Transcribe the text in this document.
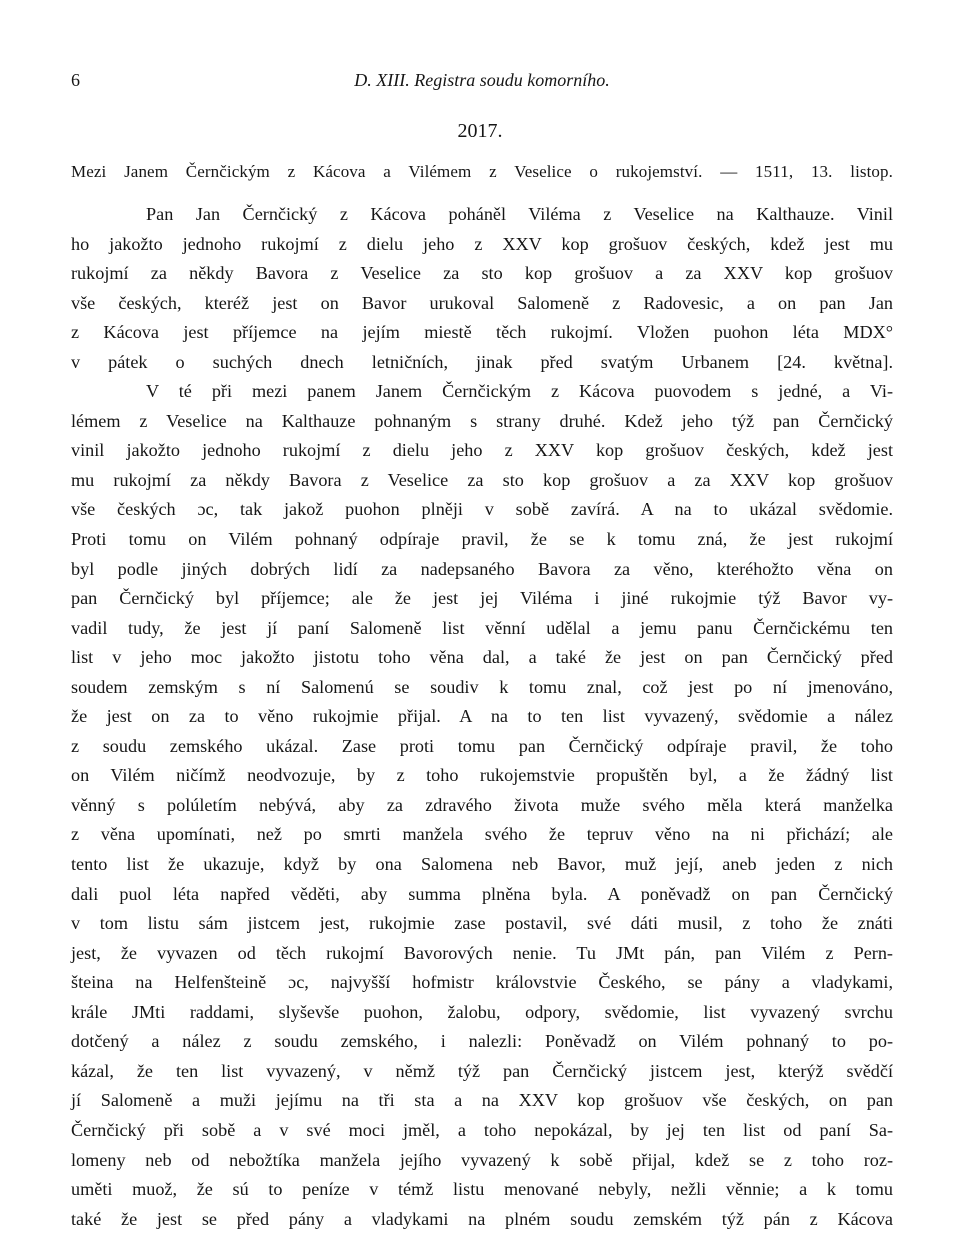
6	D. XIII. Registra soudu komorního.
2017.
Mezi Janem Černčickým z Kácova a Vilémem z Veselice o rukojemství. — 1511, 13. listop.
Pan Jan Černčický z Kácova poháněl Viléma z Veselice na Kalthauze. Vinil
ho jakožto jednoho rukojmí z dielu jeho z XXV kop grošuov českých, kdež jest mu
rukojmí za někdy Bavora z Veselice za sto kop grošuov a za XXV kop grošuov
vše českých, kteréž jest on Bavor urukoval Salomeně z Radovesic, a on pan Jan
z Kácova jest příjemce na jejím miestě těch rukojmí. Vložen puohon léta MDX°
v pátek o suchých dnech letničních, jinak před svatým Urbanem [24. května].
V té při mezi panem Janem Černčickým z Kácova puovodem s jedné, a Vi-
lémem z Veselice na Kalthauze pohnaným s strany druhé. Kdež jeho týž pan Černčický
vinil jakožto jednoho rukojmí z dielu jeho z XXV kop grošuov českých, kdež jest
mu rukojmí za někdy Bavora z Veselice za sto kop grošuov a za XXV kop grošuov
vše českých ɔc, tak jakož puohon plněji v sobě zavírá. A na to ukázal svědomie.
Proti tomu on Vilém pohnaný odpíraje pravil, že se k tomu zná, že jest rukojmí
byl podle jiných dobrých lidí za nadepsaného Bavora za věno, kteréhožto věna on
pan Černčický byl příjemce; ale že jest jej Viléma i jiné rukojmie týž Bavor vy-
vadil tudy, že jest jí paní Salomeně list věnní udělal a jemu panu Černčickému ten
list v jeho moc jakožto jistotu toho věna dal, a také že jest on pan Černčický před
soudem zemským s ní Salomenú se soudiv k tomu znal, což jest po ní jmenováno,
že jest on za to věno rukojmie přijal. A na to ten list vyvazený, svědomie a nález
z soudu zemského ukázal. Zase proti tomu pan Černčický odpíraje pravil, že toho
on Vilém ničímž neodvozuje, by z toho rukojemstvie propuštěn byl, a že žádný list
věnný s polúletím nebývá, aby za zdravého života muže svého měla která manželka
z věna upomínati, než po smrti manžela svého že tepruv věno na ni přichází; ale
tento list že ukazuje, když by ona Salomena neb Bavor, muž její, aneb jeden z nich
dali puol léta napřed věděti, aby summa plněna byla. A poněvadž on pan Černčický
v tom listu sám jistcem jest, rukojmie zase postavil, své dáti musil, z toho že znáti
jest, že vyvazen od těch rukojmí Bavorových nenie. Tu JMt pán, pan Vilém z Pern-
šteina na Helfenšteině ɔc, najvyšší hofmistr královstvie Českého, se pány a vladykami,
krále JMti raddami, slyševše puohon, žalobu, odpory, svědomie, list vyvazený svrchu
dotčený a nález z soudu zemského, i nalezli: Poněvadž on Vilém pohnaný to po-
kázal, že ten list vyvazený, v němž týž pan Černčický jistcem jest, kterýž svědčí
jí Salomeně a muži jejímu na tři sta a na XXV kop grošuov vše českých, on pan
Černčický při sobě a v své moci jměl, a toho nepokázal, by jej ten list od paní Sa-
lomeny neb od nebožtíka manžela jejího vyvazený k sobě přijal, kdež se z toho roz-
uměti muož, že sú to peníze v témž listu menované nebyly, nežli věnnie; a k tomu
také že jest se před pány a vladykami na plném soudu zemském týž pán z Kácova
